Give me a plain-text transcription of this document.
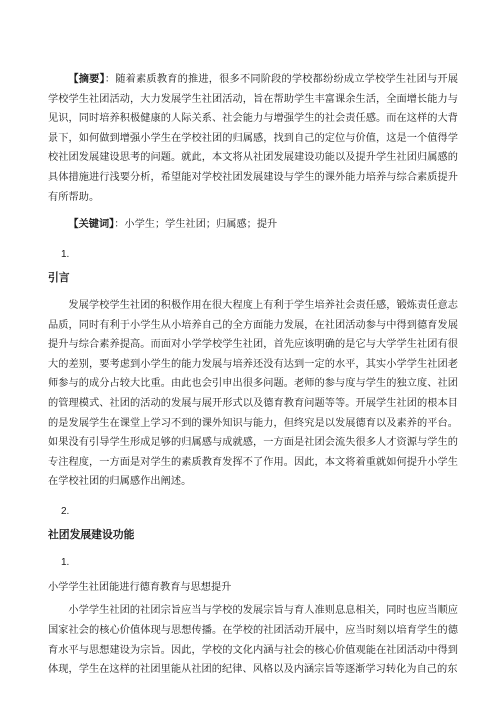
【摘要】：随着素质教育的推进，很多不同阶段的学校都纷纷成立学校学生社团与开展学校学生社团活动，大力发展学生社团活动，旨在帮助学生丰富课余生活，全面增长能力与见识，同时培养积极健康的人际关系、社会能力与增强学生的社会责任感。而在这样的大背景下，如何做到增强小学生在学校社团的归属感，找到自己的定位与价值，这是一个值得学校社团发展建设思考的问题。就此，本文将从社团发展建设功能以及提升学生社团归属感的具体措施进行浅要分析，希望能对学校社团发展建设与学生的课外能力培养与综合素质提升有所帮助。

【关键词】：小学生；学生社团；归属感；提升

1.
引言

发展学校学生社团的积极作用在很大程度上有利于学生培养社会责任感，锻炼责任意志品质，同时有利于小学生从小培养自己的全方面能力发展，在社团活动参与中得到德育发展提升与综合素养提高。而面对小学学校学生社团，首先应该明确的是它与大学学生社团有很大的差别，要考虑到小学生的能力发展与培养还没有达到一定的水平，其实小学学生社团老师参与的成分占较大比重。由此也会引申出很多问题。老师的参与度与学生的独立度、社团的管理模式、社团的活动的发展与展开形式以及德育教育问题等等。开展学生社团的根本目的是发展学生在课堂上学习不到的课外知识与能力，但终究是以发展德育以及素养的平台。如果没有引导学生形成足够的归属感与成就感，一方面是社团会流失很多人才资源与学生的专注程度，一方面是对学生的素质教育发挥不了作用。因此，本文将着重就如何提升小学生在学校社团的归属感作出阐述。

2.
社团发展建设功能
1.
小学学生社团能进行德育教育与思想提升

小学学生社团的社团宗旨应当与学校的发展宗旨与育人准则息息相关，同时也应当顺应国家社会的核心价值体现与思想传播。在学校的社团活动开展中，应当时刻以培育学生的德育水平与思想建设为宗旨。因此，学校的文化内涵与社会的核心价值观能在社团活动中得到体现，学生在这样的社团里能从社团的纪律、风格以及内涵宗旨等逐渐学习转化为自己的东
